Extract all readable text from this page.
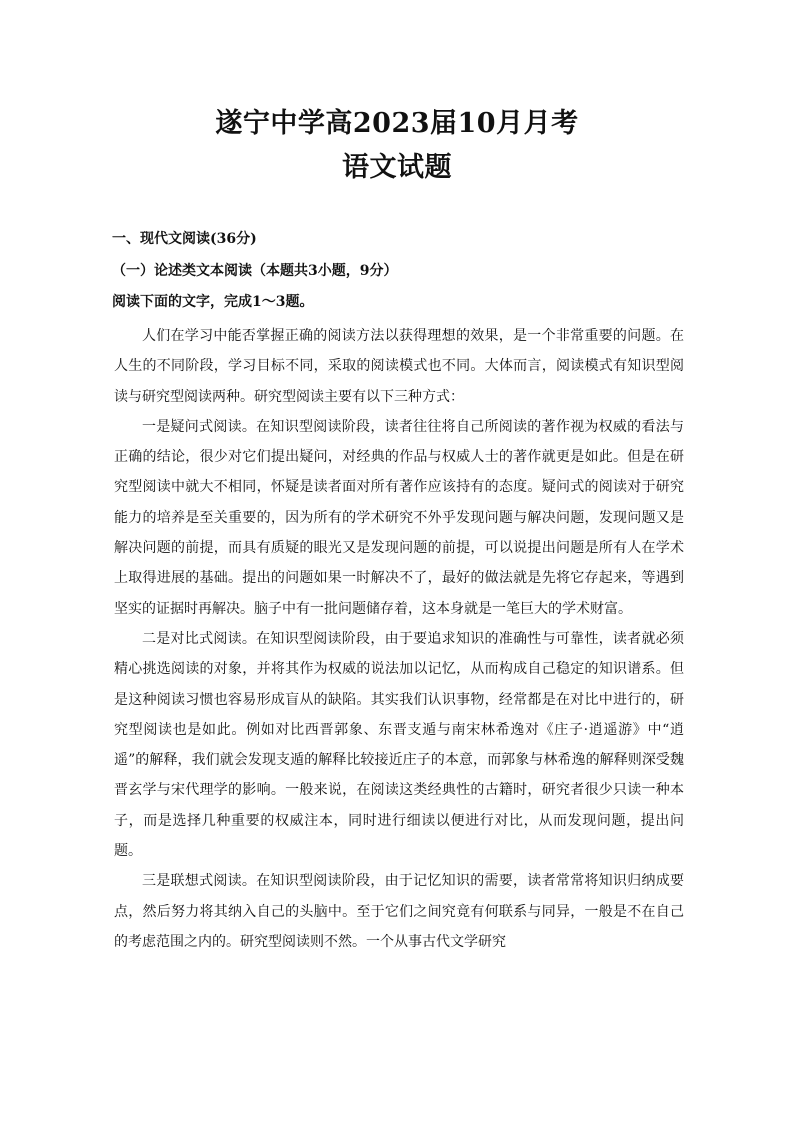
遂宁中学高2023届10月月考
语文试题
一、现代文阅读(36分)
（一）论述类文本阅读（本题共3小题，9分）
阅读下面的文字，完成1～3题。

人们在学习中能否掌握正确的阅读方法以获得理想的效果，是一个非常重要的问题。在人生的不同阶段，学习目标不同，采取的阅读模式也不同。大体而言，阅读模式有知识型阅读与研究型阅读两种。研究型阅读主要有以下三种方式：

一是疑问式阅读。在知识型阅读阶段，读者往往将自己所阅读的著作视为权威的看法与正确的结论，很少对它们提出疑问，对经典的作品与权威人士的著作就更是如此。但是在研究型阅读中就大不相同，怀疑是读者面对所有著作应该持有的态度。疑问式的阅读对于研究能力的培养是至关重要的，因为所有的学术研究不外乎发现问题与解决问题，发现问题又是解决问题的前提，而具有质疑的眼光又是发现问题的前提，可以说提出问题是所有人在学术上取得进展的基础。提出的问题如果一时解决不了，最好的做法就是先将它存起来，等遇到坚实的证据时再解决。脑子中有一批问题储存着，这本身就是一笔巨大的学术财富。

二是对比式阅读。在知识型阅读阶段，由于要追求知识的准确性与可靠性，读者就必须精心挑选阅读的对象，并将其作为权威的说法加以记忆，从而构成自己稳定的知识谱系。但是这种阅读习惯也容易形成盲从的缺陷。其实我们认识事物，经常都是在对比中进行的，研究型阅读也是如此。例如对比西晋郭象、东晋支遁与南宋林希逸对《庄子·逍遥游》中“逍遥”的解释，我们就会发现支遁的解释比较接近庄子的本意，而郭象与林希逸的解释则深受魏晋玄学与宋代理学的影响。一般来说，在阅读这类经典性的古籍时，研究者很少只读一种本子，而是选择几种重要的权威注本，同时进行细读以便进行对比，从而发现问题，提出问题。

三是联想式阅读。在知识型阅读阶段，由于记忆知识的需要，读者常常将知识归纳成要点，然后努力将其纳入自己的头脑中。至于它们之间究竟有何联系与同异，一般是不在自己的考虑范围之内的。研究型阅读则不然。一个从事古代文学研究
